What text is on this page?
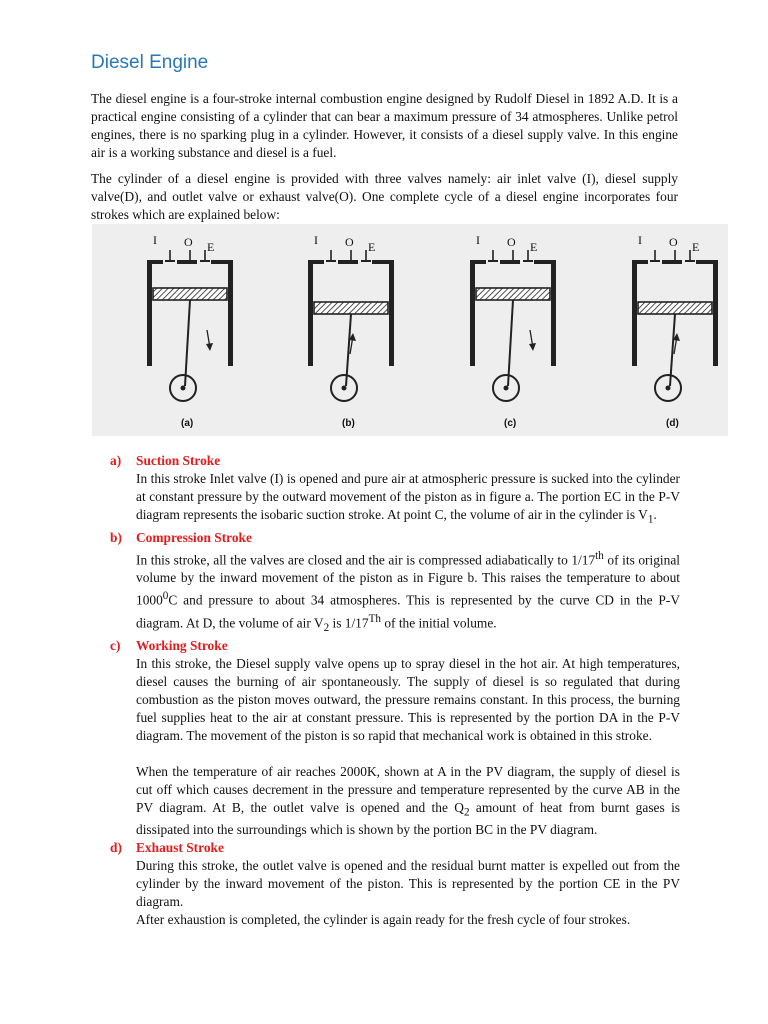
Diesel Engine

The diesel engine is a four-stroke internal combustion engine designed by Rudolf Diesel in 1892 A.D. It is a practical engine consisting of a cylinder that can bear a maximum pressure of 34 atmospheres. Unlike petrol engines, there is no sparking plug in a cylinder. However, it consists of a diesel supply valve. In this engine air is a working substance and diesel is a fuel.

The cylinder of a diesel engine is provided with three valves namely: air inlet valve (I), diesel supply valve(D), and outlet valve or exhaust valve(O). One complete cycle of a diesel engine incorporates four strokes which are explained below:

I O E
(a)
I O E
(b)
I O E
(c)
I O E
(d)
a) Suction Stroke
In this stroke Inlet valve (I) is opened and pure air at atmospheric pressure is sucked into the cylinder at constant pressure by the outward movement of the piston as in figure a. The portion EC in the P-V diagram represents the isobaric suction stroke. At point C, the volume of air in the cylinder is $V_1$.
b) Compression Stroke
In this stroke, all the valves are closed and the air is compressed adiabatically to 1/17th of its original volume by the inward movement of the piston as in Figure b. This raises the temperature to about 1000$^0$C and pressure to about 34 atmospheres. This is represented by the curve CD in the P-V diagram. At D, the volume of air $V_2$ is 1/17Th of the initial volume.
c) Working Stroke
In this stroke, the Diesel supply valve opens up to spray diesel in the hot air. At high temperatures, diesel causes the burning of air spontaneously. The supply of diesel is so regulated that during combustion as the piston moves outward, the pressure remains constant. In this process, the burning fuel supplies heat to the air at constant pressure. This is represented by the portion DA in the P-V diagram. The movement of the piston is so rapid that mechanical work is obtained in this stroke.
When the temperature of air reaches 2000K, shown at A in the PV diagram, the supply of diesel is cut off which causes decrement in the pressure and temperature represented by the curve AB in the PV diagram. At B, the outlet valve is opened and the $Q_2$ amount of heat from burnt gases is dissipated into the surroundings which is shown by the portion BC in the PV diagram.
d) Exhaust Stroke
During this stroke, the outlet valve is opened and the residual burnt matter is expelled out from the cylinder by the inward movement of the piston. This is represented by the portion CE in the PV diagram.
After exhaustion is completed, the cylinder is again ready for the fresh cycle of four strokes.
